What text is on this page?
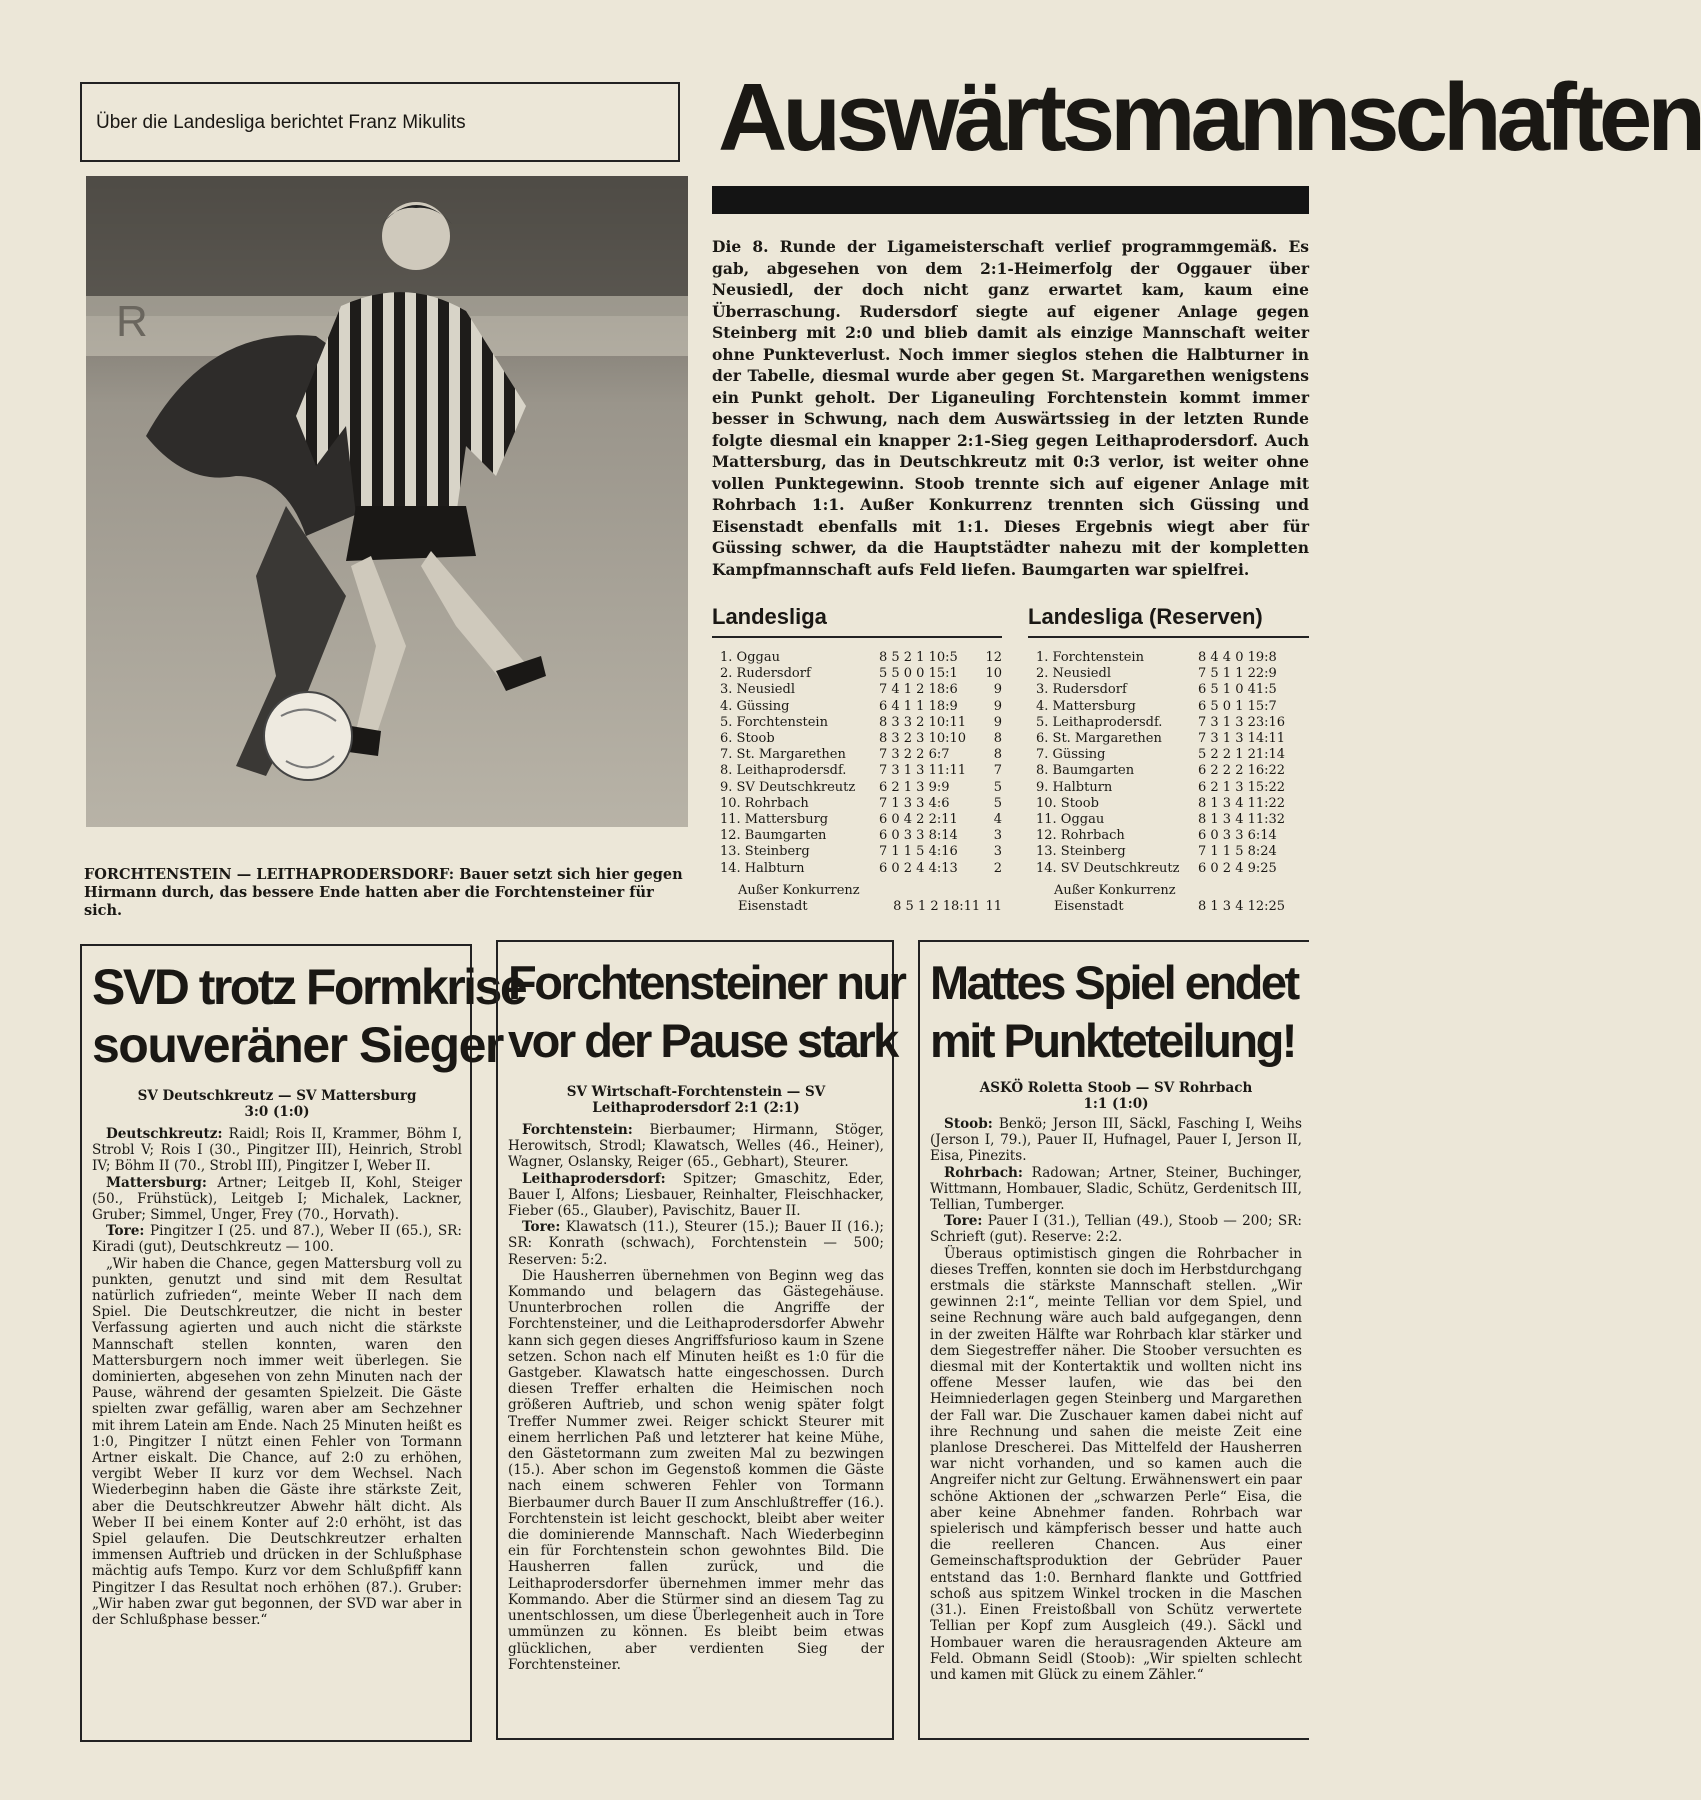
Über die Landesliga berichtet Franz Mikulits	Auswärtsmannschaften
R
FORCHTENSTEIN — LEITHAPRODERSDORF: Bauer setzt sich hier gegen Hirmann durch, das bessere Ende hatten aber die Forchtensteiner für sich.
Die 8. Runde der Ligameisterschaft verlief programmgemäß. Es gab, abgesehen von dem 2:1-Heimerfolg der Oggauer über Neusiedl, der doch nicht ganz erwartet kam, kaum eine Überraschung. Rudersdorf siegte auf eigener Anlage gegen Steinberg mit 2:0 und blieb damit als einzige Mannschaft weiter ohne Punkteverlust. Noch immer sieglos stehen die Halbturner in der Tabelle, diesmal wurde aber gegen St. Margarethen wenigstens ein Punkt geholt. Der Liganeuling Forchtenstein kommt immer besser in Schwung, nach dem Auswärtssieg in der letzten Runde folgte diesmal ein knapper 2:1-Sieg gegen Leithaprodersdorf. Auch Mattersburg, das in Deutschkreutz mit 0:3 verlor, ist weiter ohne vollen Punktegewinn. Stoob trennte sich auf eigener Anlage mit Rohrbach 1:1. Außer Konkurrenz trennten sich Güssing und Eisenstadt ebenfalls mit 1:1. Dieses Ergebnis wiegt aber für Güssing schwer, da die Hauptstädter nahezu mit der kompletten Kampfmannschaft aufs Feld liefen. Baumgarten war spielfrei.
Landesliga
1. Oggau	8 5 2 1 10:5	12
2. Rudersdorf	5 5 0 0 15:1	10
3. Neusiedl	7 4 1 2 18:6	9
4. Güssing	6 4 1 1 18:9	9
5. Forchtenstein	8 3 3 2 10:11	9
6. Stoob	8 3 2 3 10:10	8
7. St. Margarethen	7 3 2 2 6:7	8
8. Leithaprodersdf.	7 3 1 3 11:11	7
9. SV Deutschkreutz	6 2 1 3 9:9	5
10. Rohrbach	7 1 3 3 4:6	5
11. Mattersburg	6 0 4 2 2:11	4
12. Baumgarten	6 0 3 3 8:14	3
13. Steinberg	7 1 1 5 4:16	3
14. Halbturn	6 0 2 4 4:13	2
Außer Konkurrenz
Eisenstadt	8 5 1 2 18:11 11
Landesliga (Reserven)
1. Forchtenstein	8 4 4 0 19:8
2. Neusiedl	7 5 1 1 22:9
3. Rudersdorf	6 5 1 0 41:5
4. Mattersburg	6 5 0 1 15:7
5. Leithaprodersdf.	7 3 1 3 23:16
6. St. Margarethen	7 3 1 3 14:11
7. Güssing	5 2 2 1 21:14
8. Baumgarten	6 2 2 2 16:22
9. Halbturn	6 2 1 3 15:22
10. Stoob	8 1 3 4 11:22
11. Oggau	8 1 3 4 11:32
12. Rohrbach	6 0 3 3 6:14
13. Steinberg	7 1 1 5 8:24
14. SV Deutschkreutz	6 0 2 4 9:25
Außer Konkurrenz
Eisenstadt	8 1 3 4 12:25
SVD trotz Formkrise
souveräner Sieger
SV Deutschkreutz — SV Mattersburg
3:0 (1:0)

Deutschkreutz: Raidl; Rois II, Krammer, Böhm I, Strobl V; Rois I (30., Pingitzer III), Heinrich, Strobl IV; Böhm II (70., Strobl III), Pingitzer I, Weber II.

Mattersburg: Artner; Leitgeb II, Kohl, Steiger (50., Frühstück), Leitgeb I; Michalek, Lackner, Gruber; Simmel, Unger, Frey (70., Horvath).

Tore: Pingitzer I (25. und 87.), Weber II (65.), SR: Kiradi (gut), Deutschkreutz — 100.

„Wir haben die Chance, gegen Mattersburg voll zu punkten, genutzt und sind mit dem Resultat natürlich zufrieden“, meinte Weber II nach dem Spiel. Die Deutschkreutzer, die nicht in bester Verfassung agierten und auch nicht die stärkste Mannschaft stellen konnten, waren den Mattersburgern noch immer weit überlegen. Sie dominierten, abgesehen von zehn Minuten nach der Pause, während der gesamten Spielzeit. Die Gäste spielten zwar gefällig, waren aber am Sechzehner mit ihrem Latein am Ende. Nach 25 Minuten heißt es 1:0, Pingitzer I nützt einen Fehler von Tormann Artner eiskalt. Die Chance, auf 2:0 zu erhöhen, vergibt Weber II kurz vor dem Wechsel. Nach Wiederbeginn haben die Gäste ihre stärkste Zeit, aber die Deutschkreutzer Abwehr hält dicht. Als Weber II bei einem Konter auf 2:0 erhöht, ist das Spiel gelaufen. Die Deutschkreutzer erhalten immensen Auftrieb und drücken in der Schlußphase mächtig aufs Tempo. Kurz vor dem Schlußpfiff kann Pingitzer I das Resultat noch erhöhen (87.). Gruber: „Wir haben zwar gut begonnen, der SVD war aber in der Schlußphase besser.“

Forchtensteiner nur
vor der Pause stark
SV Wirtschaft-Forchtenstein — SV Leithaprodersdorf 2:1 (2:1)

Forchtenstein: Bierbaumer; Hirmann, Stöger, Herowitsch, Strodl; Klawatsch, Welles (46., Heiner), Wagner, Oslansky, Reiger (65., Gebhart), Steurer.

Leithaprodersdorf: Spitzer; Gmaschitz, Eder, Bauer I, Alfons; Liesbauer, Reinhalter, Fleischhacker, Fieber (65., Glauber), Pavischitz, Bauer II.

Tore: Klawatsch (11.), Steurer (15.); Bauer II (16.); SR: Konrath (schwach), Forchtenstein — 500; Reserven: 5:2.

Die Hausherren übernehmen von Beginn weg das Kommando und belagern das Gästegehäuse. Ununterbrochen rollen die Angriffe der Forchtensteiner, und die Leithaprodersdorfer Abwehr kann sich gegen dieses Angriffsfurioso kaum in Szene setzen. Schon nach elf Minuten heißt es 1:0 für die Gastgeber. Klawatsch hatte eingeschossen. Durch diesen Treffer erhalten die Heimischen noch größeren Auftrieb, und schon wenig später folgt Treffer Nummer zwei. Reiger schickt Steurer mit einem herrlichen Paß und letzterer hat keine Mühe, den Gästetormann zum zweiten Mal zu bezwingen (15.). Aber schon im Gegenstoß kommen die Gäste nach einem schweren Fehler von Tormann Bierbaumer durch Bauer II zum Anschlußtreffer (16.). Forchtenstein ist leicht geschockt, bleibt aber weiter die dominierende Mannschaft. Nach Wiederbeginn ein für Forchtenstein schon gewohntes Bild. Die Hausherren fallen zurück, und die Leithaprodersdorfer übernehmen immer mehr das Kommando. Aber die Stürmer sind an diesem Tag zu unentschlossen, um diese Überlegenheit auch in Tore ummünzen zu können. Es bleibt beim etwas glücklichen, aber verdienten Sieg der Forchtensteiner.

Mattes Spiel endet
mit Punkteteilung!
ASKÖ Roletta Stoob — SV Rohrbach
1:1 (1:0)

Stoob: Benkö; Jerson III, Säckl, Fasching I, Weihs (Jerson I, 79.), Pauer II, Hufnagel, Pauer I, Jerson II, Eisa, Pinezits.

Rohrbach: Radowan; Artner, Steiner, Buchinger, Wittmann, Hombauer, Sladic, Schütz, Gerdenitsch III, Tellian, Tumberger.

Tore: Pauer I (31.), Tellian (49.), Stoob — 200; SR: Schrieft (gut). Reserve: 2:2.

Überaus optimistisch gingen die Rohrbacher in dieses Treffen, konnten sie doch im Herbstdurchgang erstmals die stärkste Mannschaft stellen. „Wir gewinnen 2:1“, meinte Tellian vor dem Spiel, und seine Rechnung wäre auch bald aufgegangen, denn in der zweiten Hälfte war Rohrbach klar stärker und dem Siegestreffer näher. Die Stoober versuchten es diesmal mit der Kontertaktik und wollten nicht ins offene Messer laufen, wie das bei den Heimniederlagen gegen Steinberg und Margarethen der Fall war. Die Zuschauer kamen dabei nicht auf ihre Rechnung und sahen die meiste Zeit eine planlose Drescherei. Das Mittelfeld der Hausherren war nicht vorhanden, und so kamen auch die Angreifer nicht zur Geltung. Erwähnenswert ein paar schöne Aktionen der „schwarzen Perle“ Eisa, die aber keine Abnehmer fanden. Rohrbach war spielerisch und kämpferisch besser und hatte auch die reelleren Chancen. Aus einer Gemeinschaftsproduktion der Gebrüder Pauer entstand das 1:0. Bernhard flankte und Gottfried schoß aus spitzem Winkel trocken in die Maschen (31.). Einen Freistoßball von Schütz verwertete Tellian per Kopf zum Ausgleich (49.). Säckl und Hombauer waren die herausragenden Akteure am Feld. Obmann Seidl (Stoob): „Wir spielten schlecht und kamen mit Glück zu einem Zähler.“
